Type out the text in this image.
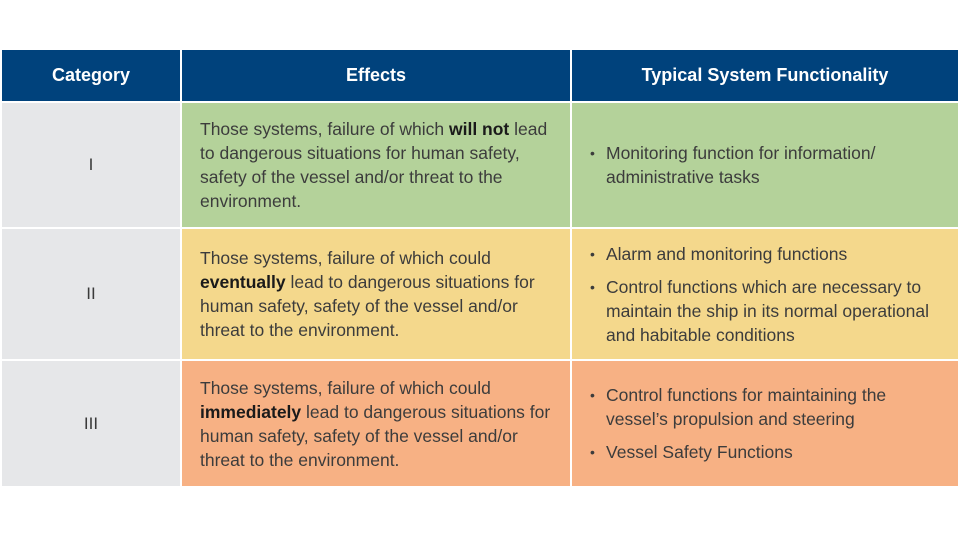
Category	Effects	Typical System Functionality
I
Those systems, failure of which will not lead to dangerous situations for human safety, safety of the vessel and/or threat to the environment.
• Monitoring function for information/ administrative tasks
II
Those systems, failure of which could eventually lead to dangerous situations for human safety, safety of the vessel and/or threat to the environment.
• Alarm and monitoring functions
• Control functions which are necessary to maintain the ship in its normal operational and habitable conditions
III
Those systems, failure of which could immediately lead to dangerous situations for human safety, safety of the vessel and/or threat to the environment.
• Control functions for maintaining the vessel’s propulsion and steering
• Vessel Safety Functions
